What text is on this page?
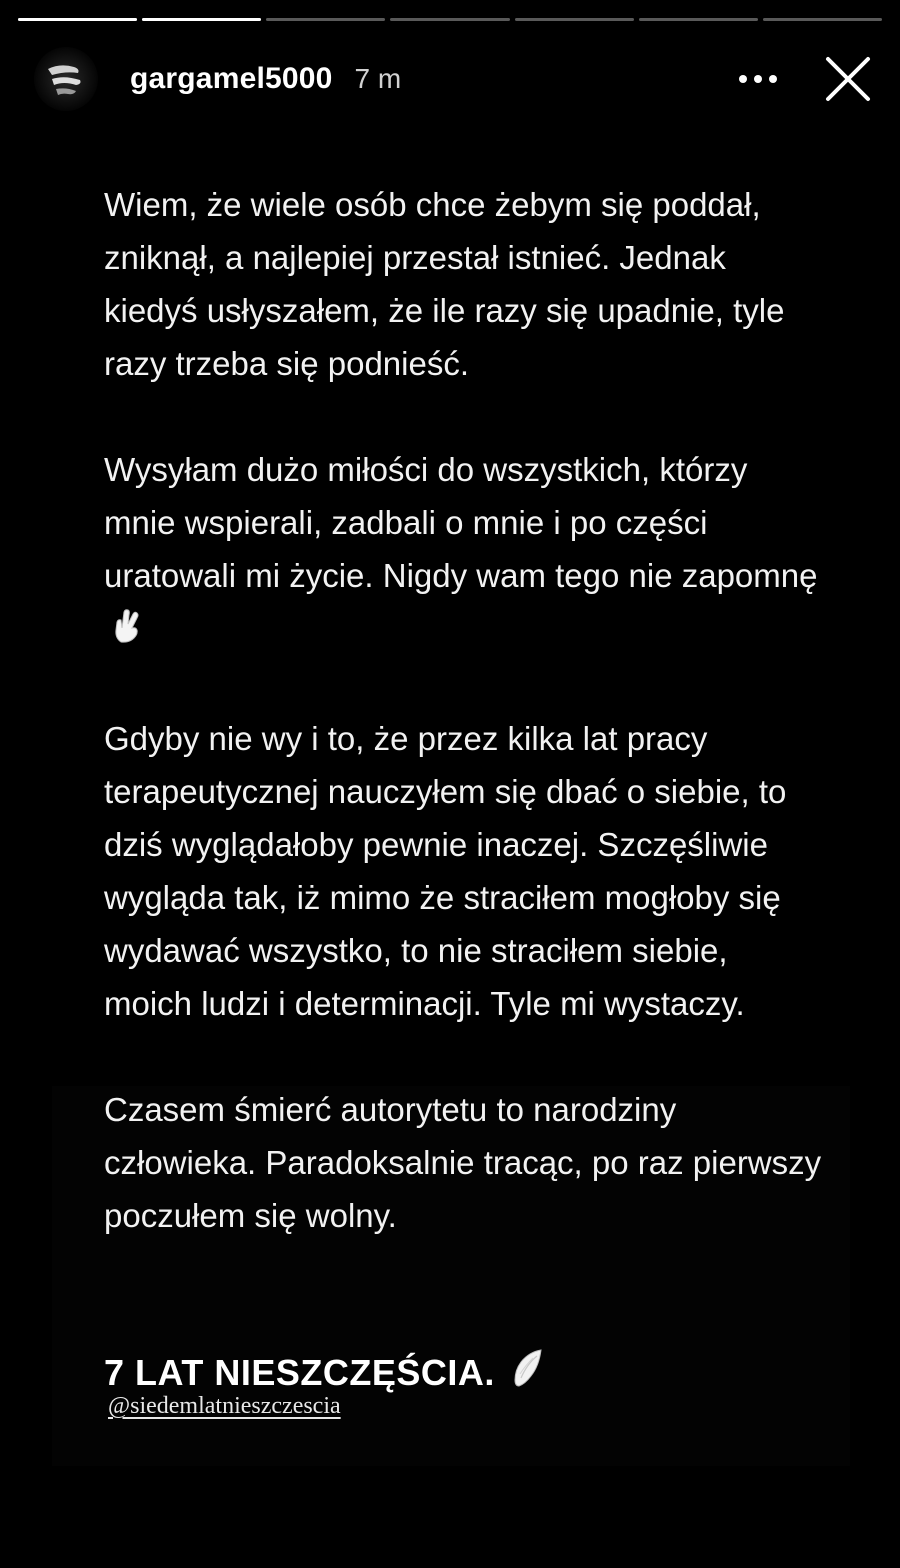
gargamel5000 7 m

Wiem, że wiele osób chce żebym się poddał, zniknął, a najlepiej przestał istnieć. Jednak kiedyś usłyszałem, że ile razy się upadnie, tyle razy trzeba się podnieść.

Wysyłam dużo miłości do wszystkich, którzy mnie wspierali, zadbali o mnie i po części uratowali mi życie. Nigdy wam tego nie zapomnę

Gdyby nie wy i to, że przez kilka lat pracy terapeutycznej nauczyłem się dbać o siebie, to dziś wyglądałoby pewnie inaczej. Szczęśliwie wygląda tak, iż mimo że straciłem mogłoby się wydawać wszystko, to nie straciłem siebie, moich ludzi i determinacji. Tyle mi wystaczy.

Czasem śmierć autorytetu to narodziny człowieka. Paradoksalnie tracąc, po raz pierwszy poczułem się wolny.

7 LAT NIESZCZĘŚCIA.
@siedemlatnieszczescia
